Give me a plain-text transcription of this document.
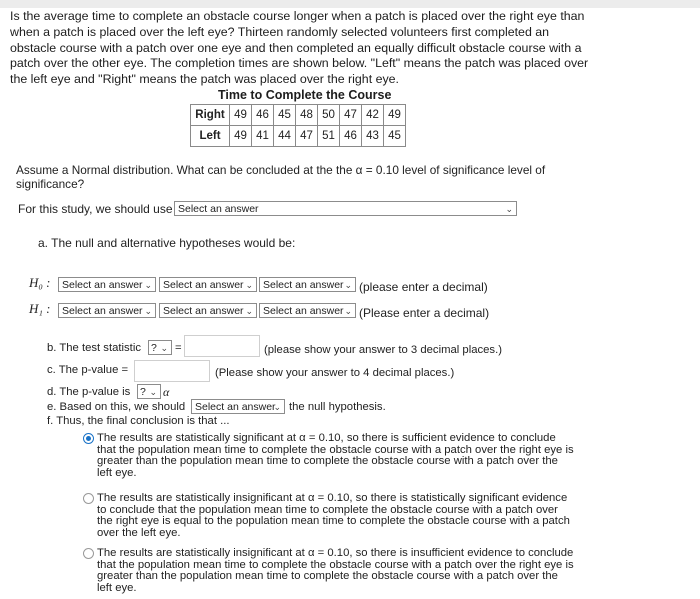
Is the average time to complete an obstacle course longer when a patch is placed over the right eye than when a patch is placed over the left eye? Thirteen randomly selected volunteers first completed an obstacle course with a patch over one eye and then completed an equally difficult obstacle course with a patch over the other eye. The completion times are shown below. "Left" means the patch was placed over the left eye and "Right" means the patch was placed over the right eye.
Time to Complete the Course
Right	49	46	45	48	50	47	42	49
Left	49	41	44	47	51	46	43	45
Assume a Normal distribution. What can be concluded at the the α = 0.10 level of significance level of significance?
For this study, we should use Select an answer	⌄
a. The null and alternative hypotheses would be:
H₀ :	Select an answer ⌄	Select an answer ⌄ Select an answer ⌄ (please enter a decimal)
H₁ :	Select an answer ⌄	Select an answer ⌄ Select an answer ⌄ (Please enter a decimal)
b. The test statistic ? ⌄ =	(please show your answer to 3 decimal places.)
c. The p-value =	(Please show your answer to 4 decimal places.)
d. The p-value is ? ⌄ α
e. Based on this, we should Select an answer
⌄ the null hypothesis.
f. Thus, the final conclusion is that ...
The results are statistically significant at α = 0.10, so there is sufficient evidence to conclude that the population mean time to complete the obstacle course with a patch over the right eye is greater than the population mean time to complete the obstacle course with a patch over the left eye.
The results are statistically insignificant at α = 0.10, so there is statistically significant evidence to conclude that the population mean time to complete the obstacle course with a patch over the right eye is equal to the population mean time to complete the obstacle course with a patch over the left eye.
The results are statistically insignificant at α = 0.10, so there is insufficient evidence to conclude that the population mean time to complete the obstacle course with a patch over the right eye is greater than the population mean time to complete the obstacle course with a patch over the left eye.
